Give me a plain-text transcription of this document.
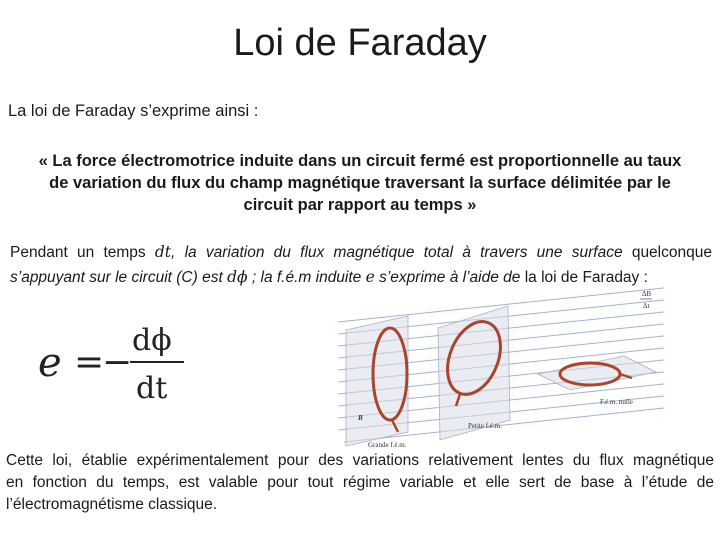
Loi de Faraday
La loi de Faraday s’exprime ainsi :
« La force électromotrice induite dans un circuit fermé est proportionnelle au taux
de variation du flux du champ magnétique traversant la surface délimitée par le
circuit par rapport au temps »
Pendant un temps dt, la variation du flux magnétique total à travers une surface quelconque
s’appuyant sur le circuit (C) est dϕ ; la f.é.m induite e s’exprime à l’aide de la loi de Faraday :
e =
−
dϕ
dt
ΔB
Δt
B
Grande f.é.m.
Petite f.é.m.
F.é.m. nulle
Cette loi, établie expérimentalement pour des variations relativement lentes du flux magnétique
en fonction du temps, est valable pour tout régime variable et elle sert de base à l’étude de
l’électromagnétisme classique.
